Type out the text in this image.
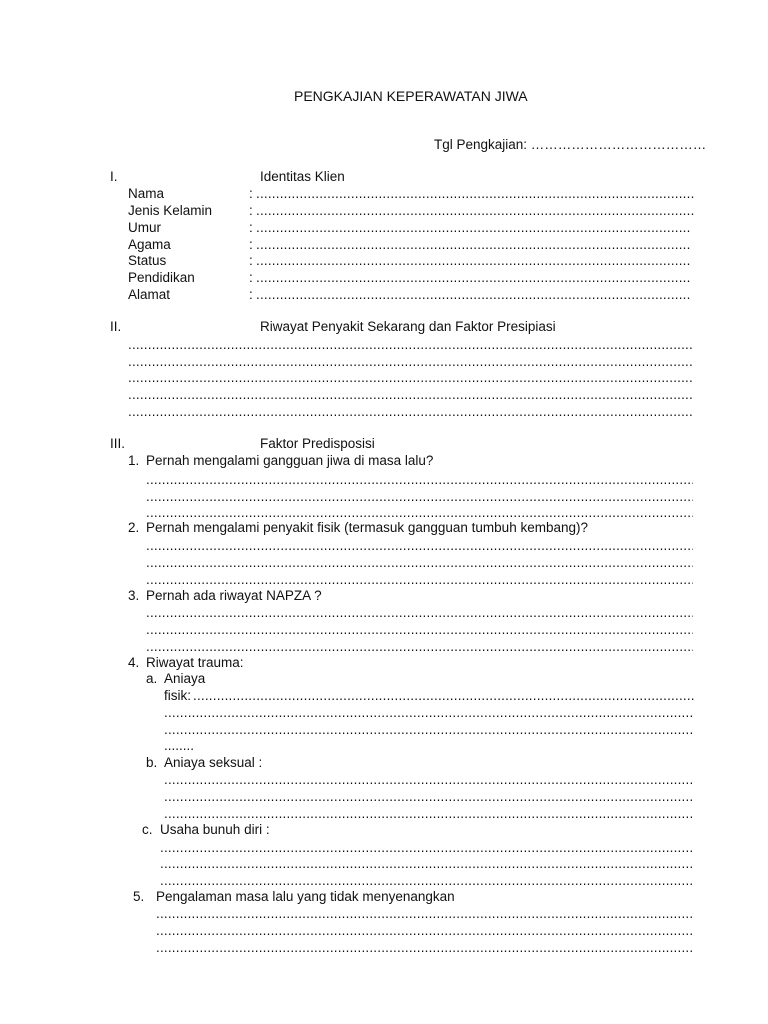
PENGKAJIAN KEPERAWATAN JIWA
Tgl Pengkajian: …………………………………
I.	Identitas Klien
Nama	:
.....
Jenis Kelamin	:
.....
Umur	:
.....
Agama	:
.....
Status	:
.....
Pendidikan	:
.....
Alamat	:
.....
II.	Riwayat Penyakit Sekarang dan Faktor Presipiasi
.....
.....
.....
.....
.....
III.	Faktor Predisposisi
1. Pernah mengalami gangguan jiwa di masa lalu?
.....
.....
.....
2. Pernah mengalami penyakit fisik (termasuk gangguan tumbuh kembang)?
.....
.....
.....
3. Pernah ada riwayat NAPZA ?
.....
.....
.....
4. Riwayat trauma:
a. Aniaya
fisik:
.....
.....
.....
........
b. Aniaya seksual :
.....
.....
.....
c. Usaha bunuh diri :
.....
.....
.....
5. Pengalaman masa lalu yang tidak menyenangkan
.....
.....
.....
